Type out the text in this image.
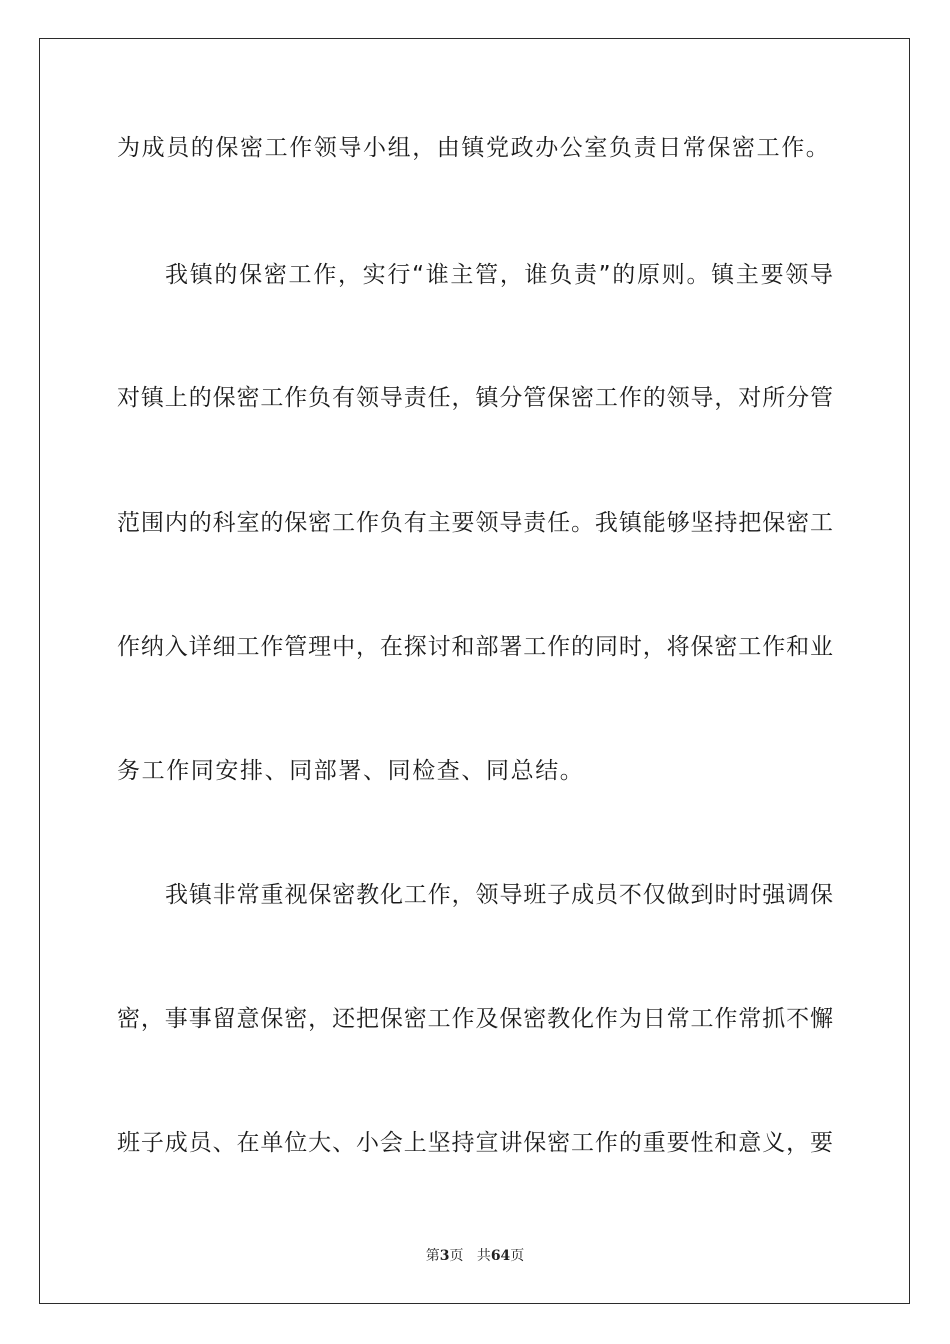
为成员的保密工作领导小组，由镇党政办公室负责日常保密工作。
我镇的保密工作，实行“谁主管，谁负责”的原则。镇主要领导
对镇上的保密工作负有领导责任，镇分管保密工作的领导，对所分管
范围内的科室的保密工作负有主要领导责任。我镇能够坚持把保密工
作纳入详细工作管理中，在探讨和部署工作的同时，将保密工作和业
务工作同安排、同部署、同检查、同总结。
我镇非常重视保密教化工作，领导班子成员不仅做到时时强调保
密，事事留意保密，还把保密工作及保密教化作为日常工作常抓不懈
班子成员、在单位大、小会上坚持宣讲保密工作的重要性和意义，要
第3页 共64页
